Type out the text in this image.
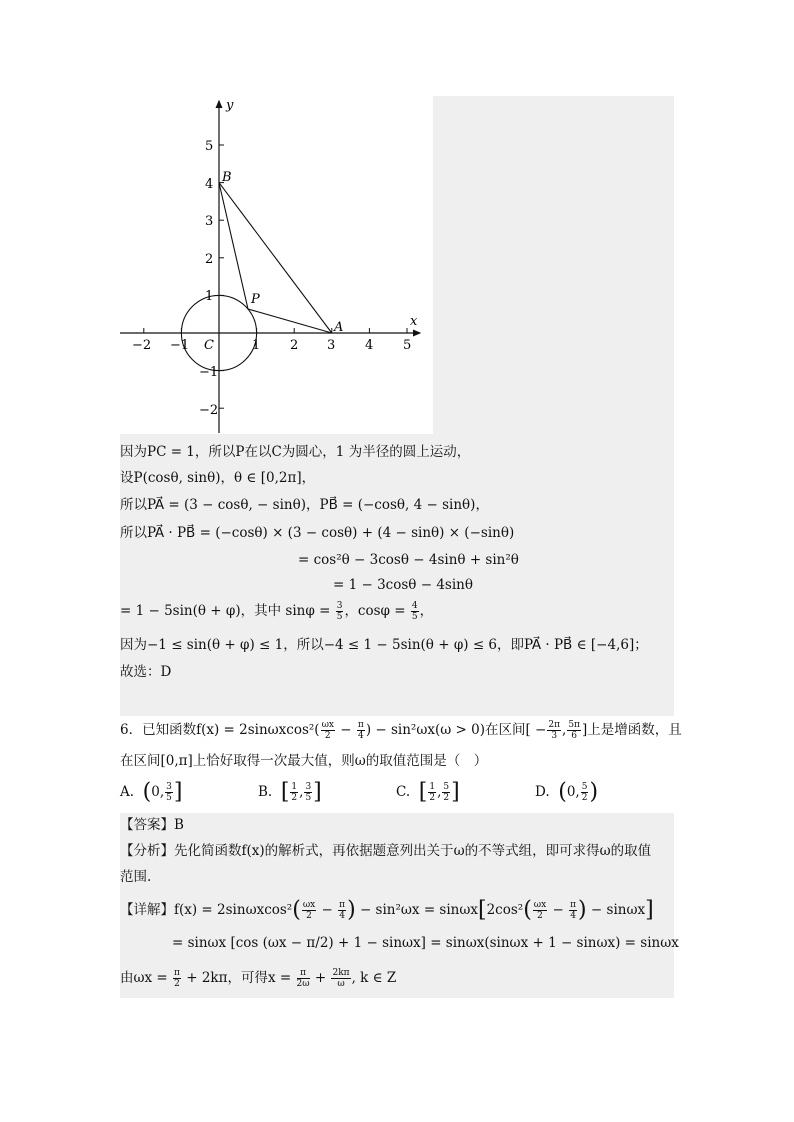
x
y
−2 −1	1 2 3 4 5
5
4
3
2
1
−1
−2
B
P
A
C
因为PC = 1，所以P在以C为圆心，1 为半径的圆上运动，
设P(cosθ, sinθ)，θ ∈ [0,2π]，
所以PA⃗ = (3 − cosθ, − sinθ)，PB⃗ = (−cosθ, 4 − sinθ)，
所以PA⃗ · PB⃗ = (−cosθ) × (3 − cosθ) + (4 − sinθ) × (−sinθ)
= cos²θ − 3cosθ − 4sinθ + sin²θ
= 1 − 3cosθ − 4sinθ
= 1 − 5sin(θ + φ)，其中 $\sin\varphi = \frac{3}{5}$ ，$\cos\varphi = \frac{4}{5}$ ，
因为−1 ≤ sin(θ + φ) ≤ 1，所以−4 ≤ 1 − 5sin(θ + φ) ≤ 6，即PA⃗ · PB⃗ ∈ [−4,6]；
故选：D
6．已知函数$f(x) = 2\sin\omega xcos^2( \frac{\omega x}{2} - \frac{\pi}{4}$ ) − sin²ωx(ω > 0)在区间[ − $\frac{2\pi}{3}$ , $\frac{5\pi}{6}$ ]上是增函数，且
在区间[0,π]上恰好取得一次最大值，则ω的取值范围是（　）
A. (0, $\frac{3}{5}$ ]	B. [ $\frac{1}{2}$ , $\frac{3}{5}$ ]	C. [ $\frac{1}{2}$ , $\frac{5}{2}$ ]	D. (0, $\frac{5}{2}$ )
【答案】B
【分析】先化简函数f(x)的解析式，再依据题意列出关于ω的不等式组，即可求得ω的取值
范围.
【详解】$f(x) = 2\sin\omega xcos^2( \frac{\omega x}{2} - \frac{\pi}{4}$ ) − $\sin^2\omega x = \sin\omega x[2\cos^2( \frac{\omega x}{2} - \frac{\pi}{4}$ ) − sinωx]
= sinωx [cos (ωx − π/2) + 1 − sinωx] = sinωx(sinωx + 1 − sinωx) = sinωx
由$\omega x = \frac{\pi}{2} + 2k\pi$，可得$x = \frac{\pi}{2\omega} + \frac{2k\pi}{\omega}$ , k ∈ Z
